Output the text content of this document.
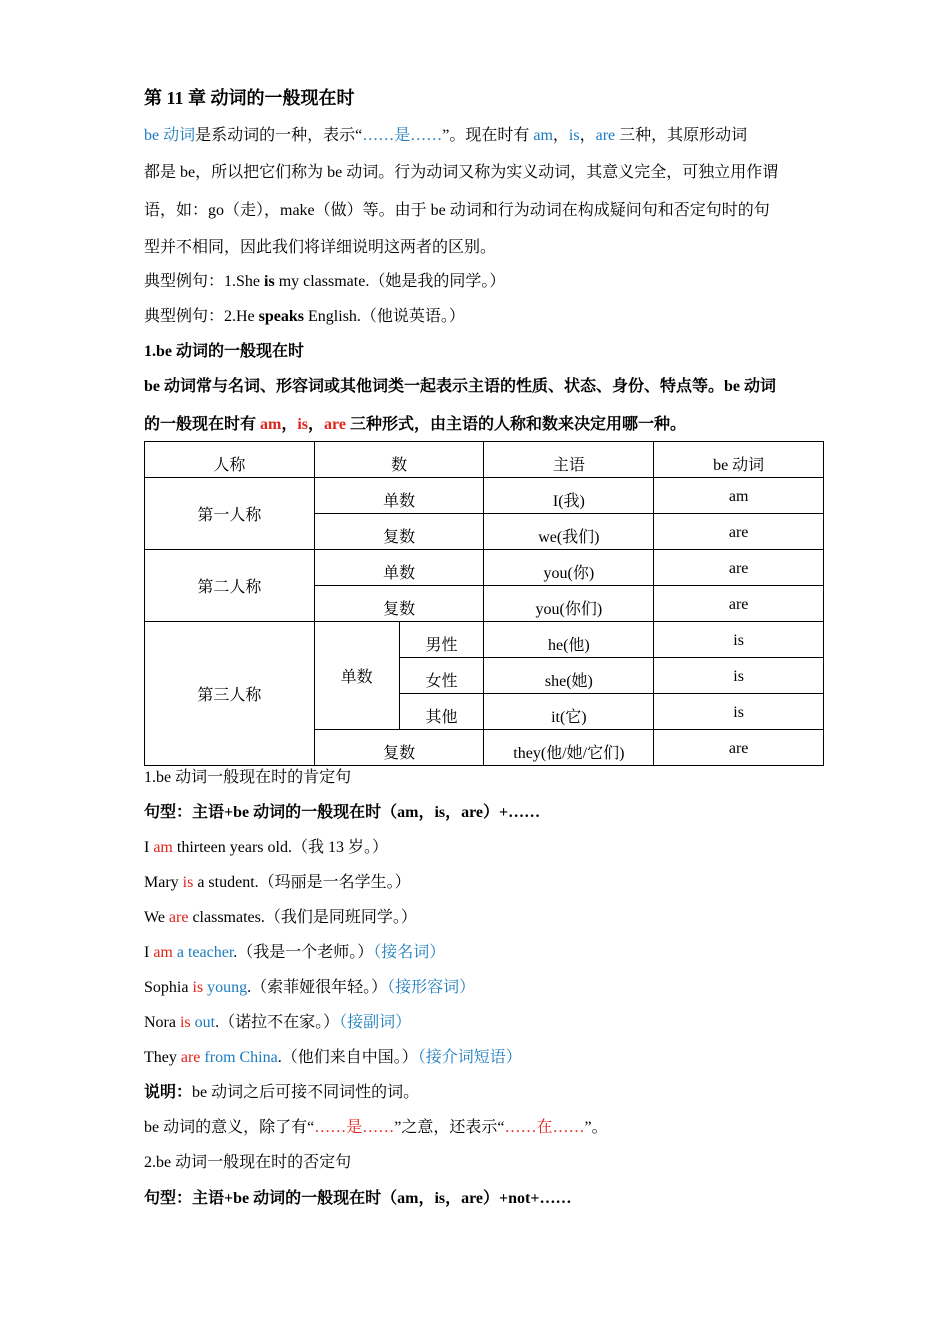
第 11 章 动词的一般现在时
be 动词是系动词的一种，表示“……是……”。现在时有 am，is，are 三种，其原形动词
都是 be，所以把它们称为 be 动词。行为动词又称为实义动词，其意义完全，可独立用作谓
语，如：go（走），make（做）等。由于 be 动词和行为动词在构成疑问句和否定句时的句
型并不相同，因此我们将详细说明这两者的区别。
典型例句：1.She is my classmate.（她是我的同学。）
典型例句：2.He speaks English.（他说英语。）
1.be 动词的一般现在时
be 动词常与名词、形容词或其他词类一起表示主语的性质、状态、身份、特点等。be 动词
的一般现在时有 am，is，are 三种形式，由主语的人称和数来决定用哪一种。
人称	数		主语	be 动词
第一人称	单数		I(我)	am
	复数		we(我们)	are
第二人称	单数		you(你)	are
	复数		you(你们)	are
第三人称	单数	男性	he(他)	is
		女性	she(她)	is
		其他	it(它)	is
	复数		they(他/她/它们)	are
1.be 动词一般现在时的肯定句
句型：主语+be 动词的一般现在时（am，is，are）+……
I am thirteen years old.（我 13 岁。）
Mary is a student.（玛丽是一名学生。）
We are classmates.（我们是同班同学。）
I am a teacher.（我是一个老师。）（接名词）
Sophia is young.（索菲娅很年轻。）（接形容词）
Nora is out.（诺拉不在家。）（接副词）
They are from China.（他们来自中国。）（接介词短语）
说明：be 动词之后可接不同词性的词。
be 动词的意义，除了有“……是……”之意，还表示“……在……”。
2.be 动词一般现在时的否定句
句型：主语+be 动词的一般现在时（am，is，are）+not+……
